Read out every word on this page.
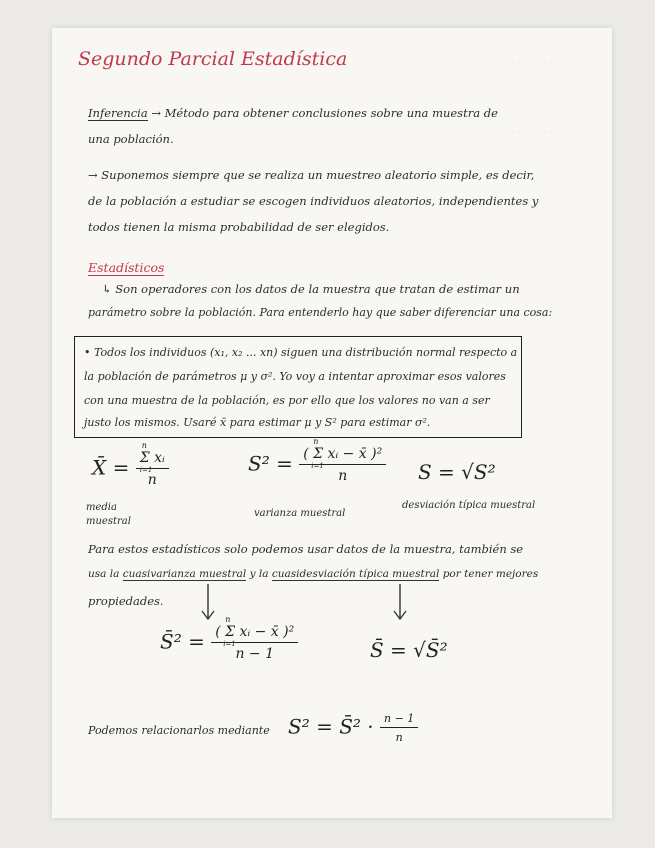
· · · · · · · · · · · · ·
· · · · · · · · · · · · ·
Segundo Parcial Estadística
Inferencia → Método para obtener conclusiones sobre una muestra de
una población.
→ Suponemos siempre que se realiza un muestreo aleatorio simple, es decir,
de la población a estudiar se escogen individuos aleatorios, independientes y
todos tienen la misma probabilidad de ser elegidos.
Estadísticos
↳ Son operadores con los datos de la muestra que tratan de estimar un
parámetro sobre la población. Para entenderlo hay que saber diferenciar una cosa:
• Todos los individuos (x₁, x₂ ... xn) siguen una distribución normal respecto a
la población de parámetros μ y σ². Yo voy a intentar aproximar esos valores
con una muestra de la población, es por ello que los valores no van a ser
justo los mismos. Usaré x̄ para estimar μ y S² para estimar σ².
X̄ = n
Σ xᵢ
i=1
n	S² = n
( Σ xᵢ − x̄ )²
i=1
n S = √S²
media
muestral
varianza muestral
desviación típica muestral
Para estos estadísticos solo podemos usar datos de la muestra, también se
usa la cuasivarianza muestral y la cuasidesviación típica muestral por tener mejores
propiedades.
S̄² = n
( Σ xᵢ − x̄ )²
i=1
n − 1	S̄ = √S̄²
Podemos relacionarlos mediante S² = S̄² · $\frac{n - 1}{n}$
